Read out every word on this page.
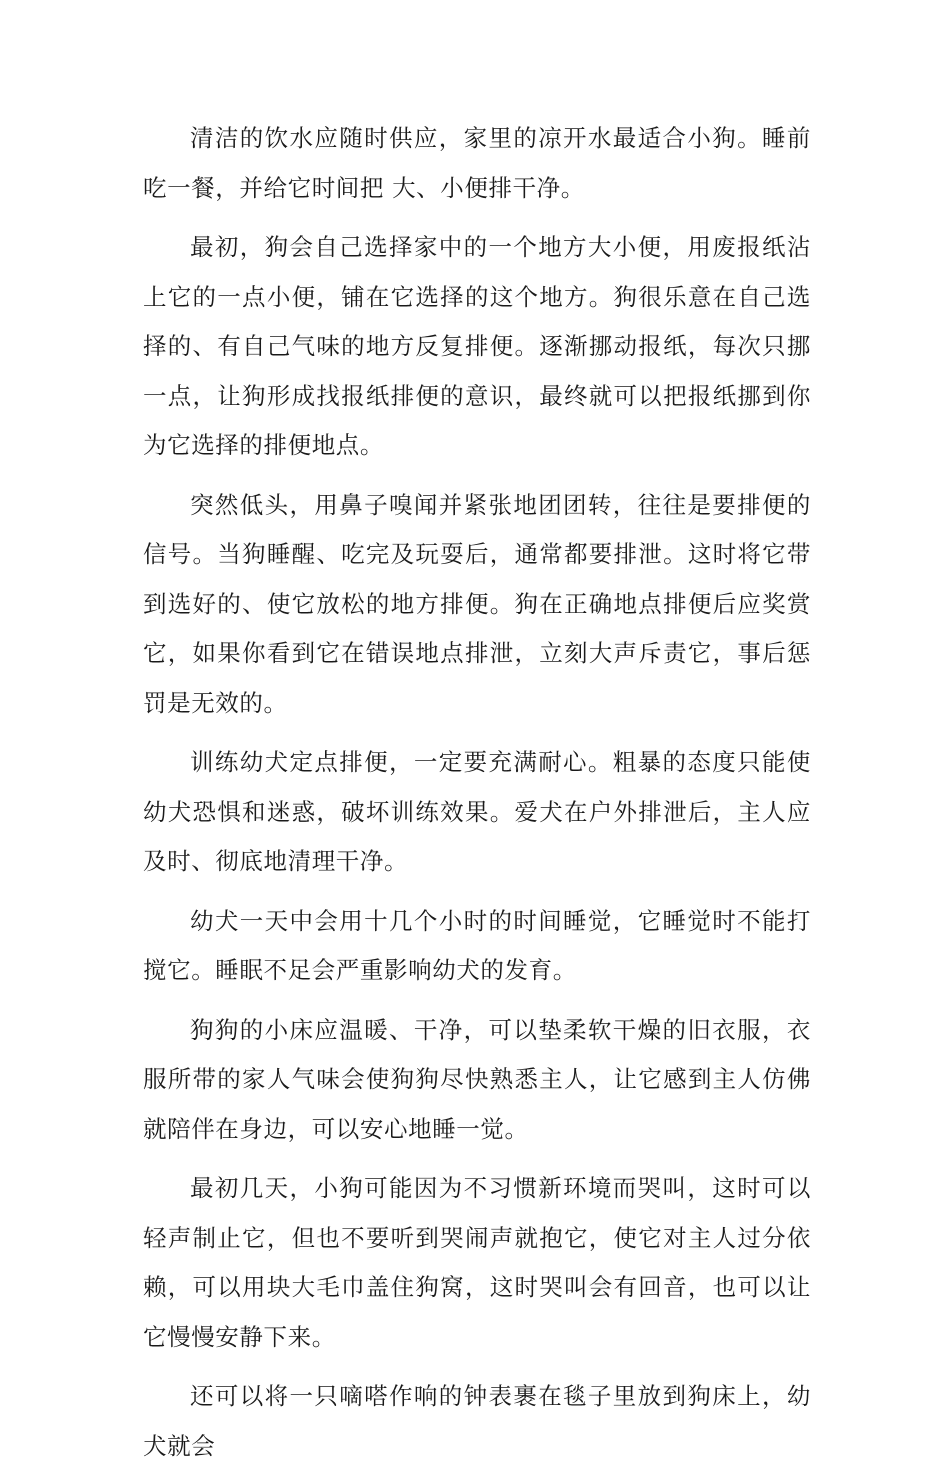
清洁的饮水应随时供应，家里的凉开水最适合小狗。睡前吃一餐，并给它时间把 大、小便排干净。

最初，狗会自己选择家中的一个地方大小便，用废报纸沾上它的一点小便，铺在它选择的这个地方。狗很乐意在自己选择的、有自己气味的地方反复排便。逐渐挪动报纸，每次只挪一点，让狗形成找报纸排便的意识，最终就可以把报纸挪到你为它选择的排便地点。

突然低头，用鼻子嗅闻并紧张地团团转，往往是要排便的信号。当狗睡醒、吃完及玩耍后，通常都要排泄。这时将它带到选好的、使它放松的地方排便。狗在正确地点排便后应奖赏它，如果你看到它在错误地点排泄，立刻大声斥责它，事后惩罚是无效的。

训练幼犬定点排便，一定要充满耐心。粗暴的态度只能使幼犬恐惧和迷惑，破坏训练效果。爱犬在户外排泄后，主人应及时、彻底地清理干净。

幼犬一天中会用十几个小时的时间睡觉，它睡觉时不能打搅它。睡眠不足会严重影响幼犬的发育。

狗狗的小床应温暖、干净，可以垫柔软干燥的旧衣服，衣服所带的家人气味会使狗狗尽快熟悉主人，让它感到主人仿佛就陪伴在身边，可以安心地睡一觉。

最初几天，小狗可能因为不习惯新环境而哭叫，这时可以轻声制止它，但也不要听到哭闹声就抱它，使它对主人过分依赖，可以用块大毛巾盖住狗窝，这时哭叫会有回音，也可以让它慢慢安静下来。

还可以将一只嘀嗒作响的钟表裹在毯子里放到狗床上，幼犬就会
